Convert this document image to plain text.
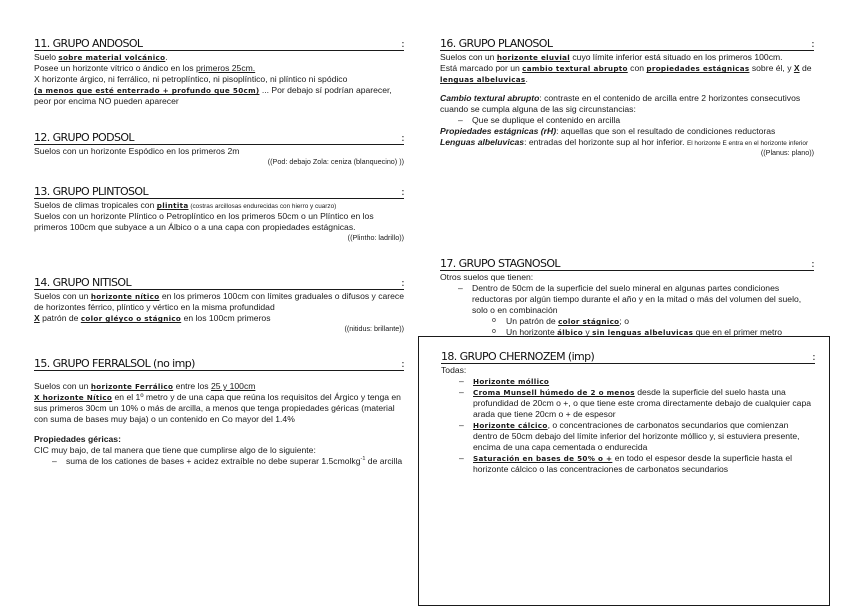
11. GRUPO ANDOSOL	:

Suelo sobre material volcánico.

Posee un horizonte vítrico o ándico en los primeros 25cm.

X horizonte árgico, ni ferrálico, ni petroplíntico, ni pisoplíntico, ni plíntico ni spódico

(a menos que esté enterrado + profundo que 50cm) ... Por debajo sí podrían aparecer, peor por encima NO pueden aparecer

12. GRUPO PODSOL	:

Suelos con un horizonte Espódico en los primeros 2m

((Pod: debajo Zola: ceniza (blanquecino) ))

13. GRUPO PLINTOSOL	:

Suelos de climas tropicales con plintita (costras arcillosas endurecidas con hierro y cuarzo)

Suelos con un horizonte Plíntico o Petroplíntico en los primeros 50cm o un Plíntico en los primeros 100cm que subyace a un Álbico o a una capa con propiedades estágnicas.

((Plintho: ladrillo))

14. GRUPO NITISOL	:

Suelos con un horizonte nítico en los primeros 100cm con límites graduales o difusos y carece de horizontes férrico, plíntico y vértico en la misma profundidad

X patrón de color gléyco o stágnico en los 100cm primeros

((nitidus: brillante))

15. GRUPO FERRALSOL (no imp)	:

Suelos con un horizonte Ferrálico entre los 25 y 100cm

X horizonte Nítico en el 1º metro y de una capa que reúna los requisitos del Árgico y tenga en sus primeros 30cm un 10% o más de arcilla, a menos que tenga propiedades géricas (material con suma de bases muy baja) o un contenido en Co mayor del 1.4%

Propiedades géricas:

CIC muy bajo, de tal manera que tiene que cumplirse algo de lo siguiente:

– suma de los cationes de bases + acidez extraíble no debe superar 1.5cmolkg$^{-1}$ de arcilla
16. GRUPO PLANOSOL	:

Suelos con un horizonte eluvial cuyo límite inferior está situado en los primeros 100cm.

Está marcado por un cambio textural abrupto con propiedades estágnicas sobre él, y X de lenguas albeluvicas.

Cambio textural abrupto: contraste en el contenido de arcilla entre 2 horizontes consecutivos cuando se cumpla alguna de las sig circunstancias:

– Que se duplique el contenido en arcilla

Propiedades estágnicas (rH): aquellas que son el resultado de condiciones reductoras

Lenguas albeluvicas: entradas del horizonte sup al hor inferior. El horizonte E entra en el horizonte inferior

((Planus: plano))

17. GRUPO STAGNOSOL	:

Otros suelos que tienen:

– Dentro de 50cm de la superficie del suelo mineral en algunas partes condiciones reductoras por algún tiempo durante el año y en la mitad o más del volumen del suelo, solo o en combinación
o Un patrón de color stágnico; o
o Un horizonte álbico y sin lenguas albeluvicas que en el primer metro
18. GRUPO CHERNOZEM (imp)	:

Todas:

– Horizonte móllico
– Croma Munsell húmedo de 2 o menos desde la superficie del suelo hasta una profundidad de 20cm o +, o que tiene este croma directamente debajo de cualquier capa arada que tiene 20cm o + de espesor
– Horizonte cálcico, o concentraciones de carbonatos secundarios que comienzan dentro de 50cm debajo del límite inferior del horizonte móllico y, si estuviera presente, encima de una capa cementada o endurecida
– Saturación en bases de 50% o + en todo el espesor desde la superficie hasta el horizonte cálcico o las concentraciones de carbonatos secundarios
